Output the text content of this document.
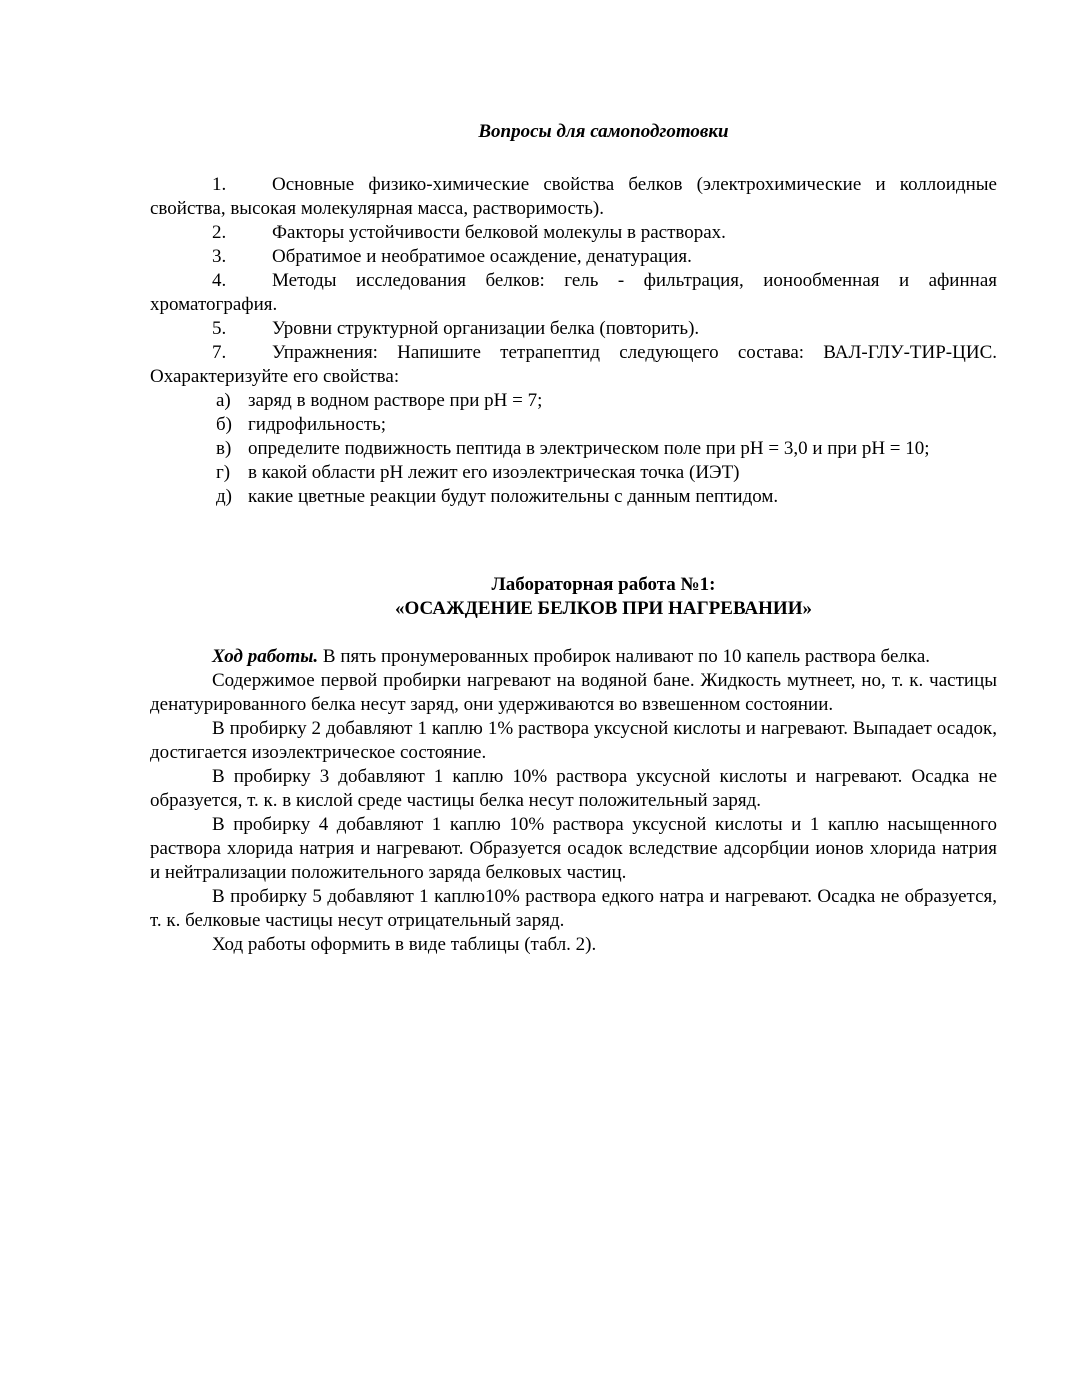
Вопросы для самоподготовки

1. Основные физико-химические свойства белков (электрохимические и коллоидные свойства, высокая молекулярная масса, растворимость).

2. Факторы устойчивости белковой молекулы в растворах.

3. Обратимое и необратимое осаждение, денатурация.

4. Методы исследования белков: гель - фильтрация, ионообменная и афинная хроматография.

5. Уровни структурной организации белка (повторить).

7. Упражнения: Напишите тетрапептид следующего состава: ВАЛ-ГЛУ-ТИР-ЦИС. Охарактеризуйте его свойства:

а) заряд в водном растворе при pH = 7;

б) гидрофильность;

в) определите подвижность пептида в электрическом поле при pH = 3,0 и при pH = 10;

г) в какой области pH лежит его изоэлектрическая точка (ИЭТ)

д) какие цветные реакции будут положительны с данным пептидом.

Лабораторная работа №1:
«ОСАЖДЕНИЕ БЕЛКОВ ПРИ НАГРЕВАНИИ»

Ход работы. В пять пронумерованных пробирок наливают по 10 капель раствора белка.

Содержимое первой пробирки нагревают на водяной бане. Жидкость мутнеет, но, т. к. частицы денатурированного белка несут заряд, они удерживаются во взвешенном состоянии.

В пробирку 2 добавляют 1 каплю 1% раствора уксусной кислоты и нагревают. Выпадает осадок, достигается изоэлектрическое состояние.

В пробирку 3 добавляют 1 каплю 10% раствора уксусной кислоты и нагревают. Осадка не образуется, т. к. в кислой среде частицы белка несут положительный заряд.

В пробирку 4 добавляют 1 каплю 10% раствора уксусной кислоты и 1 каплю насыщенного раствора хлорида натрия и нагревают. Образуется осадок вследствие адсорбции ионов хлорида натрия и нейтрализации положительного заряда белковых частиц.

В пробирку 5 добавляют 1 каплю10% раствора едкого натра и нагревают. Осадка не образуется, т. к. белковые частицы несут отрицательный заряд.

Ход работы оформить в виде таблицы (табл. 2).
